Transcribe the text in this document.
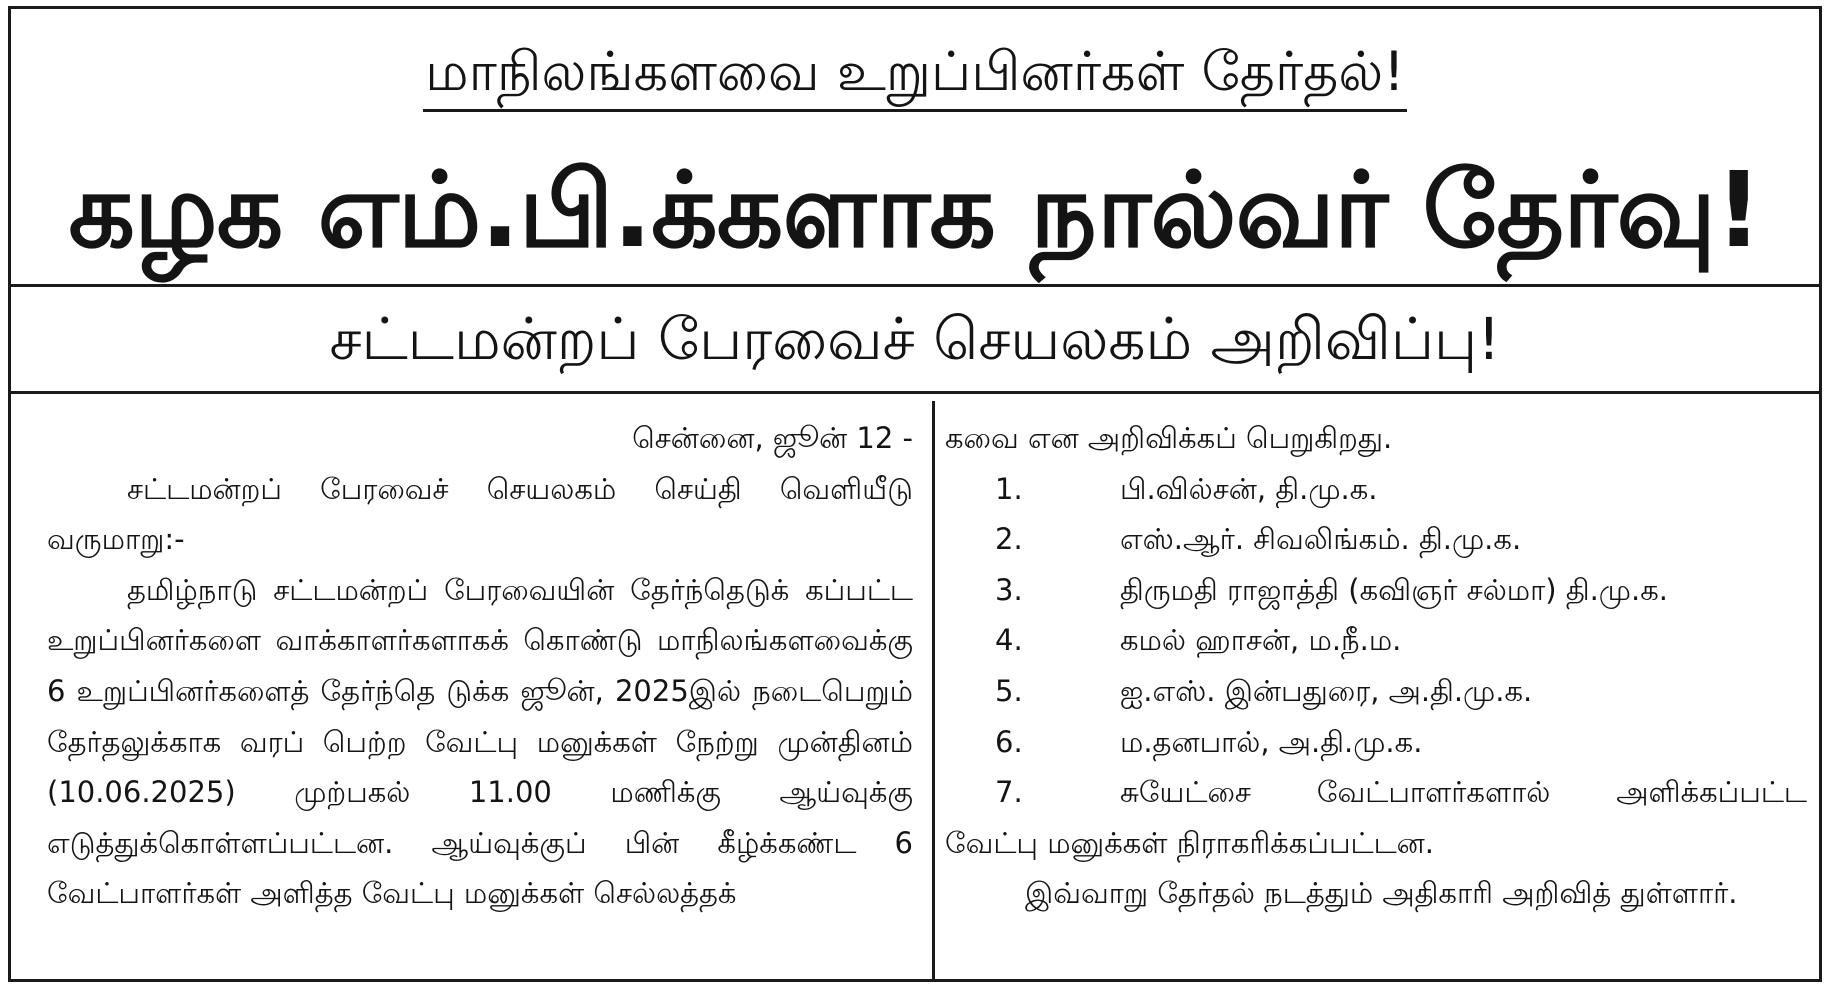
மாநிலங்களவை உறுப்பினர்கள் தேர்தல்!
கழக எம்.பி.க்களாக நால்வர் தேர்வு!
சட்டமன்றப் பேரவைச் செயலகம் அறிவிப்பு!

சென்னை, ஜூன் 12 -

சட்டமன்றப் பேரவைச் செயலகம் செய்தி வெளியீடு வருமாறு:-

தமிழ்நாடு சட்டமன்றப் பேரவையின் தேர்ந்தெடுக் கப்பட்ட உறுப்பினர்களை வாக்காளர்களாகக் கொண்டு மாநிலங்களவைக்கு 6 உறுப்பினர்களைத் தேர்ந்தெ டுக்க ஜூன், 2025இல் நடைபெறும் தேர்தலுக்காக வரப் பெற்ற வேட்பு மனுக்கள் நேற்று முன்தினம் (10.06.2025) முற்பகல் 11.00 மணிக்கு ஆய்வுக்கு எடுத்துக்கொள்ளப்பட்டன. ஆய்வுக்குப் பின் கீழ்க்கண்ட 6 வேட்பாளர்கள் அளித்த வேட்பு மனுக்கள் செல்லத்தக்

கவை என அறிவிக்கப் பெறுகிறது.

1.	பி.வில்சன், தி.மு.க.
2.	எஸ்.ஆர். சிவலிங்கம். தி.மு.க.
3.	திருமதி ராஜாத்தி (கவிஞர் சல்மா) தி.மு.க.
4.	கமல் ஹாசன், ம.நீ.ம.
5.	ஐ.எஸ். இன்பதுரை, அ.தி.மு.க.
6.	ம.தனபால், அ.தி.மு.க.
7.	சுயேட்சை வேட்பாளர்களால் அளிக்கப்பட்ட

வேட்பு மனுக்கள் நிராகரிக்கப்பட்டன.

இவ்வாறு தேர்தல் நடத்தும் அதிகாரி அறிவித் துள்ளார்.
